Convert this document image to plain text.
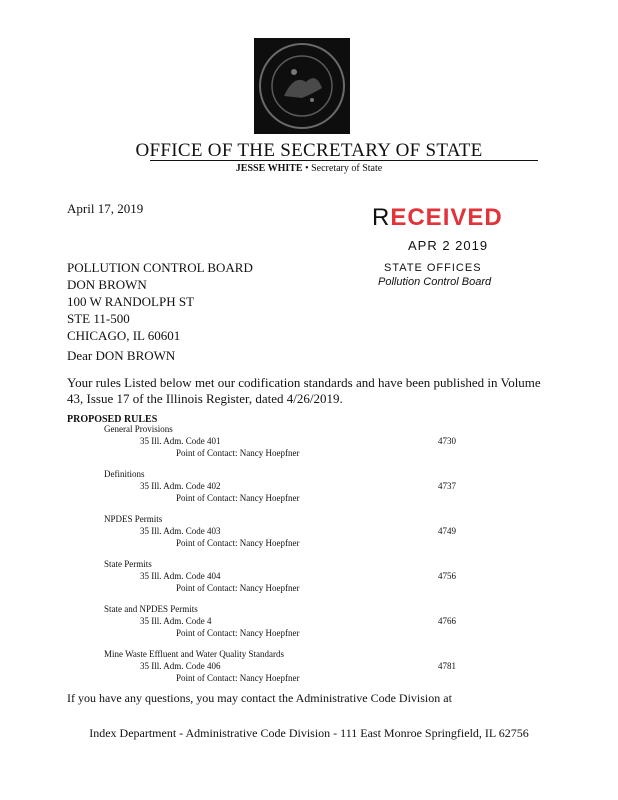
OFFICE OF THE SECRETARY OF STATE
JESSE WHITE • Secretary of State
April 17, 2019	RECEIVED
APR 2 2019
STATE OFFICES
Pollution Control Board
POLLUTION CONTROL BOARD
DON BROWN
100 W RANDOLPH ST
STE 11-500
CHICAGO, IL 60601
Dear DON BROWN
Your rules Listed below met our codification standards and have been published in Volume 43, Issue 17 of the Illinois Register, dated 4/26/2019.
PROPOSED RULES
General Provisions
35 Ill. Adm. Code 401	4730
Point of Contact: Nancy Hoepfner
Definitions
35 Ill. Adm. Code 402	4737
Point of Contact: Nancy Hoepfner
NPDES Permits
35 Ill. Adm. Code 403	4749
Point of Contact: Nancy Hoepfner
State Permits
35 Ill. Adm. Code 404	4756
Point of Contact: Nancy Hoepfner
State and NPDES Permits
35 Ill. Adm. Code 4	4766
Point of Contact: Nancy Hoepfner
Mine Waste Effluent and Water Quality Standards
35 Ill. Adm. Code 406	4781
Point of Contact: Nancy Hoepfner
If you have any questions, you may contact the Administrative Code Division at
Index Department - Administrative Code Division - 111 East Monroe Springfield, IL 62756
